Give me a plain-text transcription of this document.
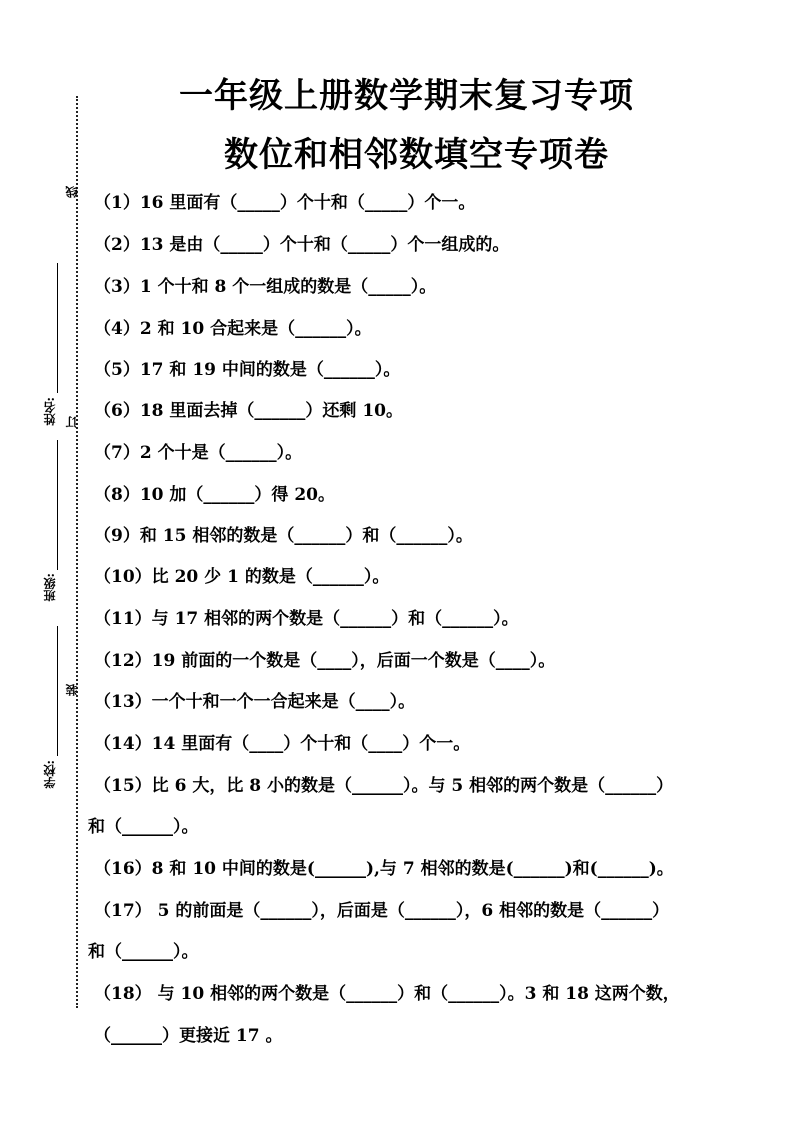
一年级上册数学期末复习专项
数位和相邻数填空专项卷
线
订
装
姓名:
班级:
学校:
（1）16 里面有（_____）个十和（_____）个一。
（2）13 是由（_____）个十和（_____）个一组成的。
（3）1 个十和 8 个一组成的数是（_____）。
（4）2 和 10 合起来是（______）。
（5）17 和 19 中间的数是（______）。
（6）18 里面去掉（______）还剩 10。
（7）2 个十是（______）。
（8）10 加（______）得 20。
（9）和 15 相邻的数是（______）和（______）。
（10）比 20 少 1 的数是（______）。
（11）与 17 相邻的两个数是（______）和（______）。
（12）19 前面的一个数是（____），后面一个数是（____）。
（13）一个十和一个一合起来是（____）。
（14）14 里面有（____）个十和（____）个一。
（15）比 6 大，比 8 小的数是（______）。与 5 相邻的两个数是（______）
和（______）。
（16）8 和 10 中间的数是(______),与 7 相邻的数是(______)和(______)。
（17） 5 的前面是（______），后面是（______），6 相邻的数是（______）
和（______）。
（18） 与 10 相邻的两个数是（______）和（______）。3 和 18 这两个数，
（______）更接近 17 。
